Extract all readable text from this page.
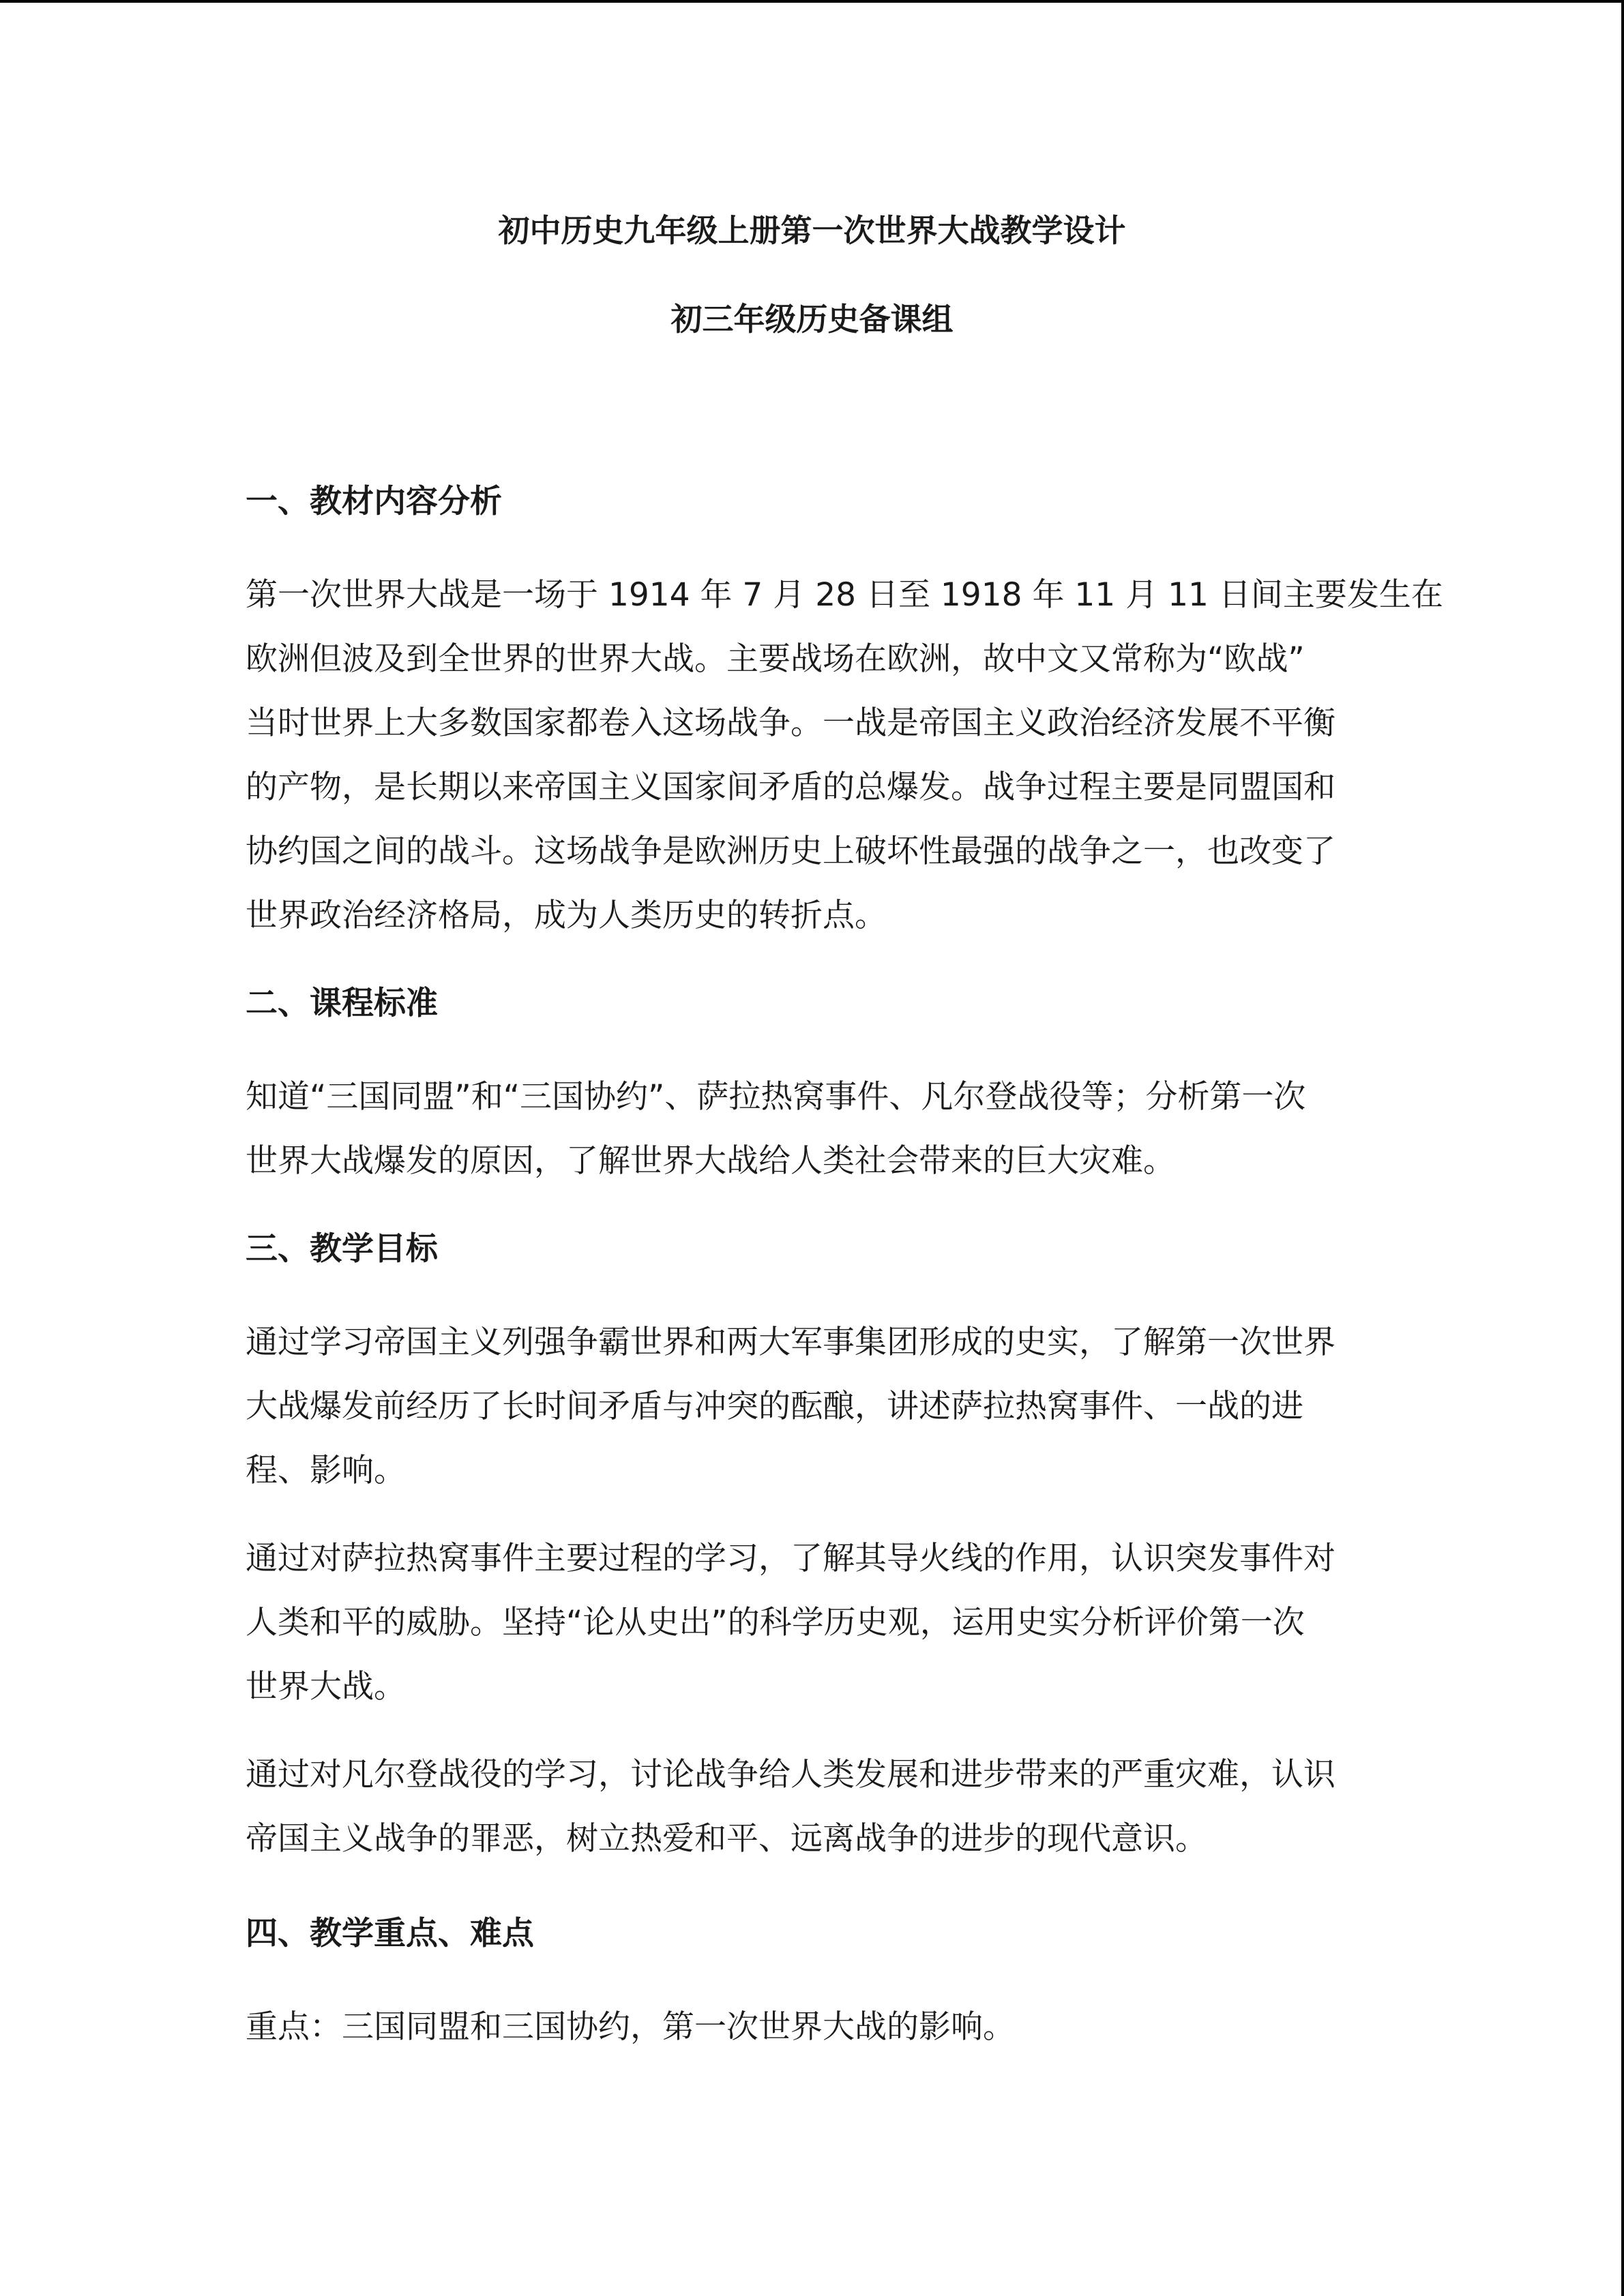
初中历史九年级上册第一次世界大战教学设计
初三年级历史备课组
一、教材内容分析
第一次世界大战是一场于 1914 年 7 月 28 日至 1918 年 11 月 11 日间主要发生在
欧洲但波及到全世界的世界大战。主要战场在欧洲，故中文又常称为“欧战”
当时世界上大多数国家都卷入这场战争。一战是帝国主义政治经济发展不平衡
的产物，是长期以来帝国主义国家间矛盾的总爆发。战争过程主要是同盟国和
协约国之间的战斗。这场战争是欧洲历史上破坏性最强的战争之一，也改变了
世界政治经济格局，成为人类历史的转折点。
二、课程标准
知道“三国同盟”和“三国协约”、萨拉热窝事件、凡尔登战役等；分析第一次
世界大战爆发的原因，了解世界大战给人类社会带来的巨大灾难。
三、教学目标
通过学习帝国主义列强争霸世界和两大军事集团形成的史实，了解第一次世界
大战爆发前经历了长时间矛盾与冲突的酝酿，讲述萨拉热窝事件、一战的进
程、影响。
通过对萨拉热窝事件主要过程的学习，了解其导火线的作用，认识突发事件对
人类和平的威胁。坚持“论从史出”的科学历史观，运用史实分析评价第一次
世界大战。
通过对凡尔登战役的学习，讨论战争给人类发展和进步带来的严重灾难，认识
帝国主义战争的罪恶，树立热爱和平、远离战争的进步的现代意识。
四、教学重点、难点
重点：三国同盟和三国协约，第一次世界大战的影响。
